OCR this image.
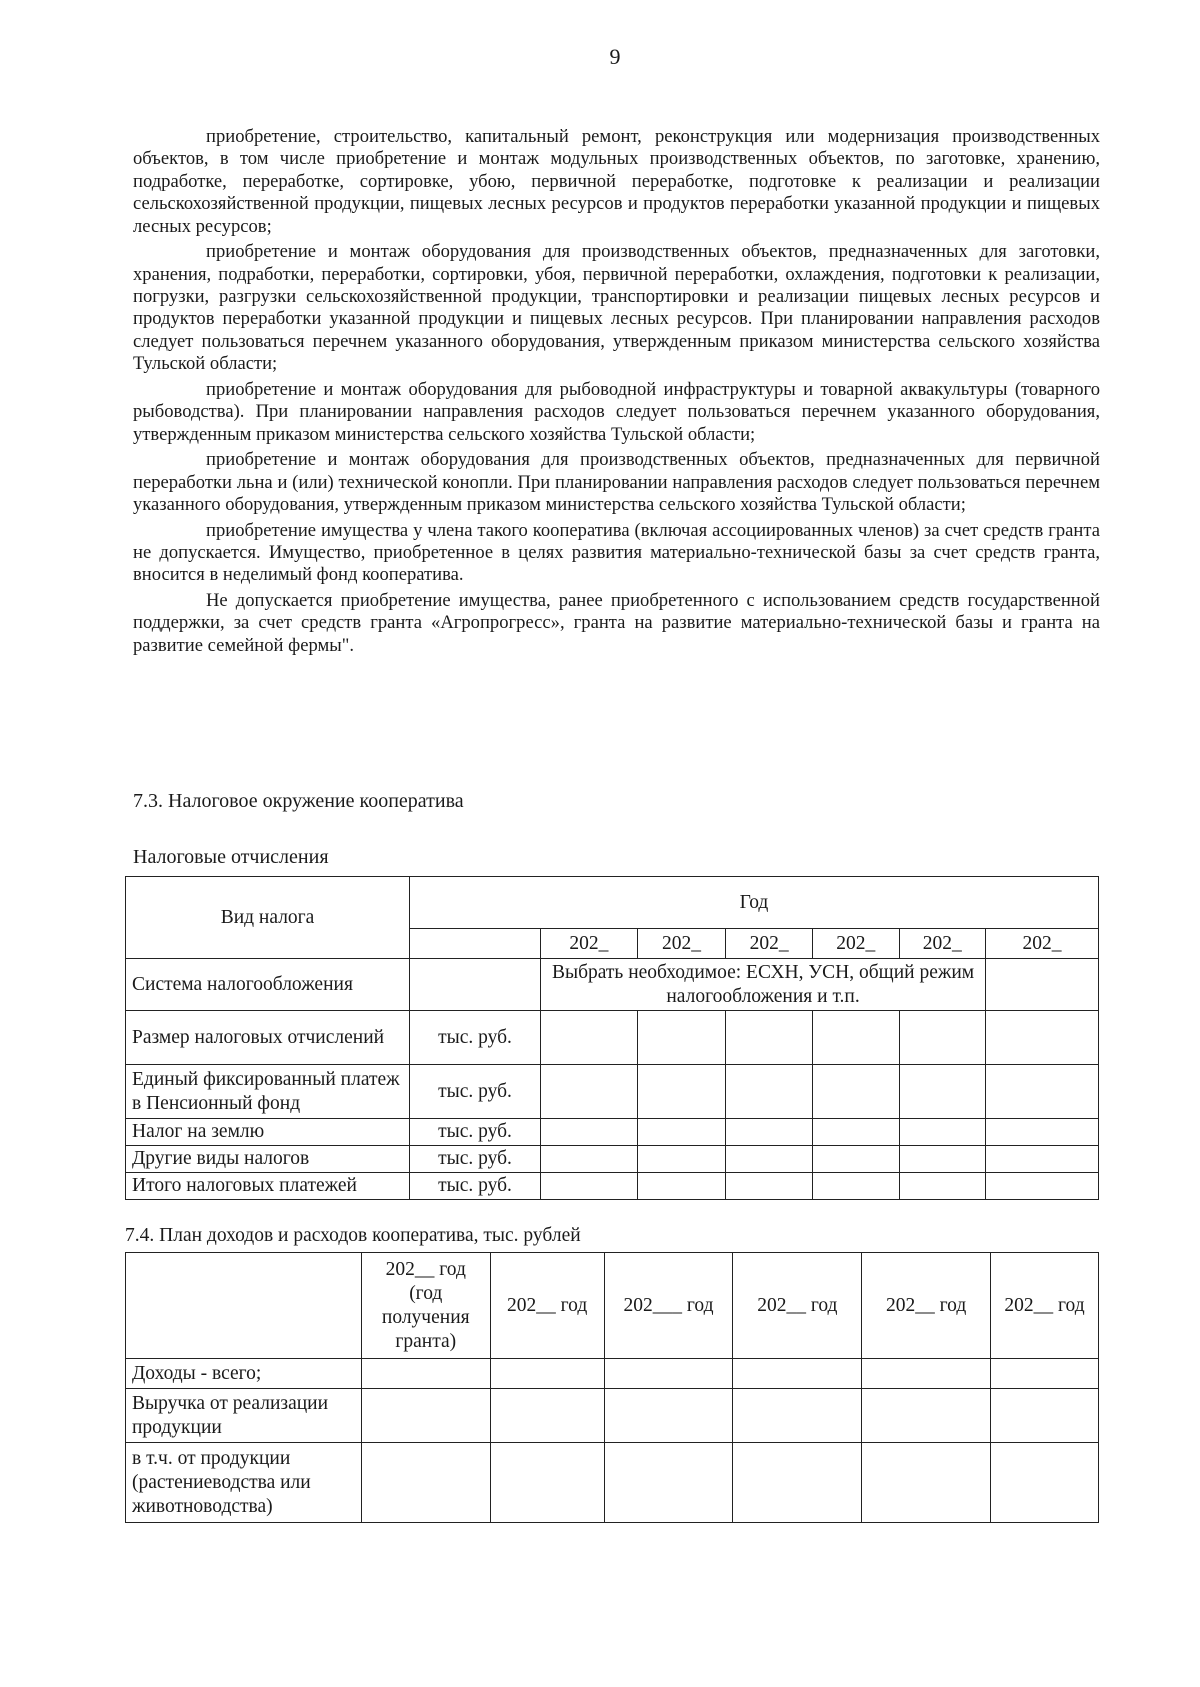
9

приобретение, строительство, капитальный ремонт, реконструкция или модернизация производственных объектов, в том числе приобретение и монтаж модульных производственных объектов, по заготовке, хранению, подработке, переработке, сортировке, убою, первичной переработке, подготовке к реализации и реализации сельскохозяйственной продукции, пищевых лесных ресурсов и продуктов переработки указанной продукции и пищевых лесных ресурсов;

приобретение и монтаж оборудования для производственных объектов, предназначенных для заготовки, хранения, подработки, переработки, сортировки, убоя, первичной переработки, охлаждения, подготовки к реализации, погрузки, разгрузки сельскохозяйственной продукции, транспортировки и реализации пищевых лесных ресурсов и продуктов переработки указанной продукции и пищевых лесных ресурсов. При планировании направления расходов следует пользоваться перечнем указанного оборудования, утвержденным приказом министерства сельского хозяйства Тульской области;

приобретение и монтаж оборудования для рыбоводной инфраструктуры и товарной аквакультуры (товарного рыбоводства). При планировании направления расходов следует пользоваться перечнем указанного оборудования, утвержденным приказом министерства сельского хозяйства Тульской области;

приобретение и монтаж оборудования для производственных объектов, предназначенных для первичной переработки льна и (или) технической конопли. При планировании направления расходов следует пользоваться перечнем указанного оборудования, утвержденным приказом министерства сельского хозяйства Тульской области;

приобретение имущества у члена такого кооператива (включая ассоциированных членов) за счет средств гранта не допускается. Имущество, приобретенное в целях развития материально-технической базы за счет средств гранта, вносится в неделимый фонд кооператива.

Не допускается приобретение имущества, ранее приобретенного с использованием средств государственной поддержки, за счет средств гранта «Агропрогресс», гранта на развитие материально-технической базы и гранта на развитие семейной фермы".

7.3. Налоговое окружение кооператива
Налоговые отчисления
Вид налога	Год						
		202_	202_	202_	202_	202_	202_
Система налогообложения		Выбрать необходимое: ЕСХН, УСН, общий режим налогообложения и т.п.					
Размер налоговых отчислений	тыс. руб.						
Единый фиксированный платеж в Пенсионный фонд	тыс. руб.						
Налог на землю	тыс. руб.						
Другие виды налогов	тыс. руб.						
Итого налоговых платежей	тыс. руб.						
7.4. План доходов и расходов кооператива, тыс. рублей
	202__ год (год получения гранта)	202__ год	202___ год	202__ год	202__ год	202__ год
Доходы - всего;						
Выручка от реализации продукции						
в т.ч. от продукции (растениеводства или животноводства)						
